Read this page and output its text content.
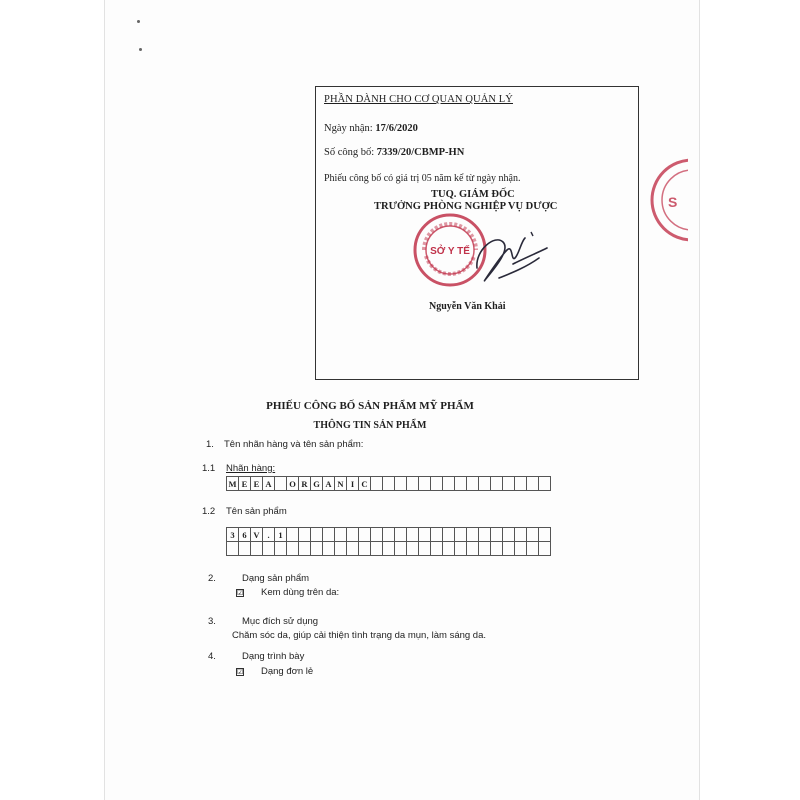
S
PHẦN DÀNH CHO CƠ QUAN QUẢN LÝ
Ngày nhận: 17/6/2020
Số công bố: 7339/20/CBMP-HN
Phiếu công bố có giá trị 05 năm kể từ ngày nhận.
TUQ. GIÁM ĐỐC
TRƯỞNG PHÒNG NGHIỆP VỤ DƯỢC
Nguyễn Văn Khải
SỞ Y TẾ
PHIẾU CÔNG BỐ SẢN PHẨM MỸ PHẨM
THÔNG TIN SẢN PHẨM
1. Tên nhãn hàng và tên sản phẩm:
1.1 Nhãn hàng:
M	E	E	A		O	R	G	A	N	I	C															
1.2 Tên sản phẩm
3	6	V	.	1																						

2.	Dạng sản phẩm
☑ Kem dùng trên da:
3.	Mục đích sử dụng
Chăm sóc da, giúp cải thiện tình trạng da mụn, làm sáng da.
4.	Dạng trình bày
☑ Dạng đơn lẻ
